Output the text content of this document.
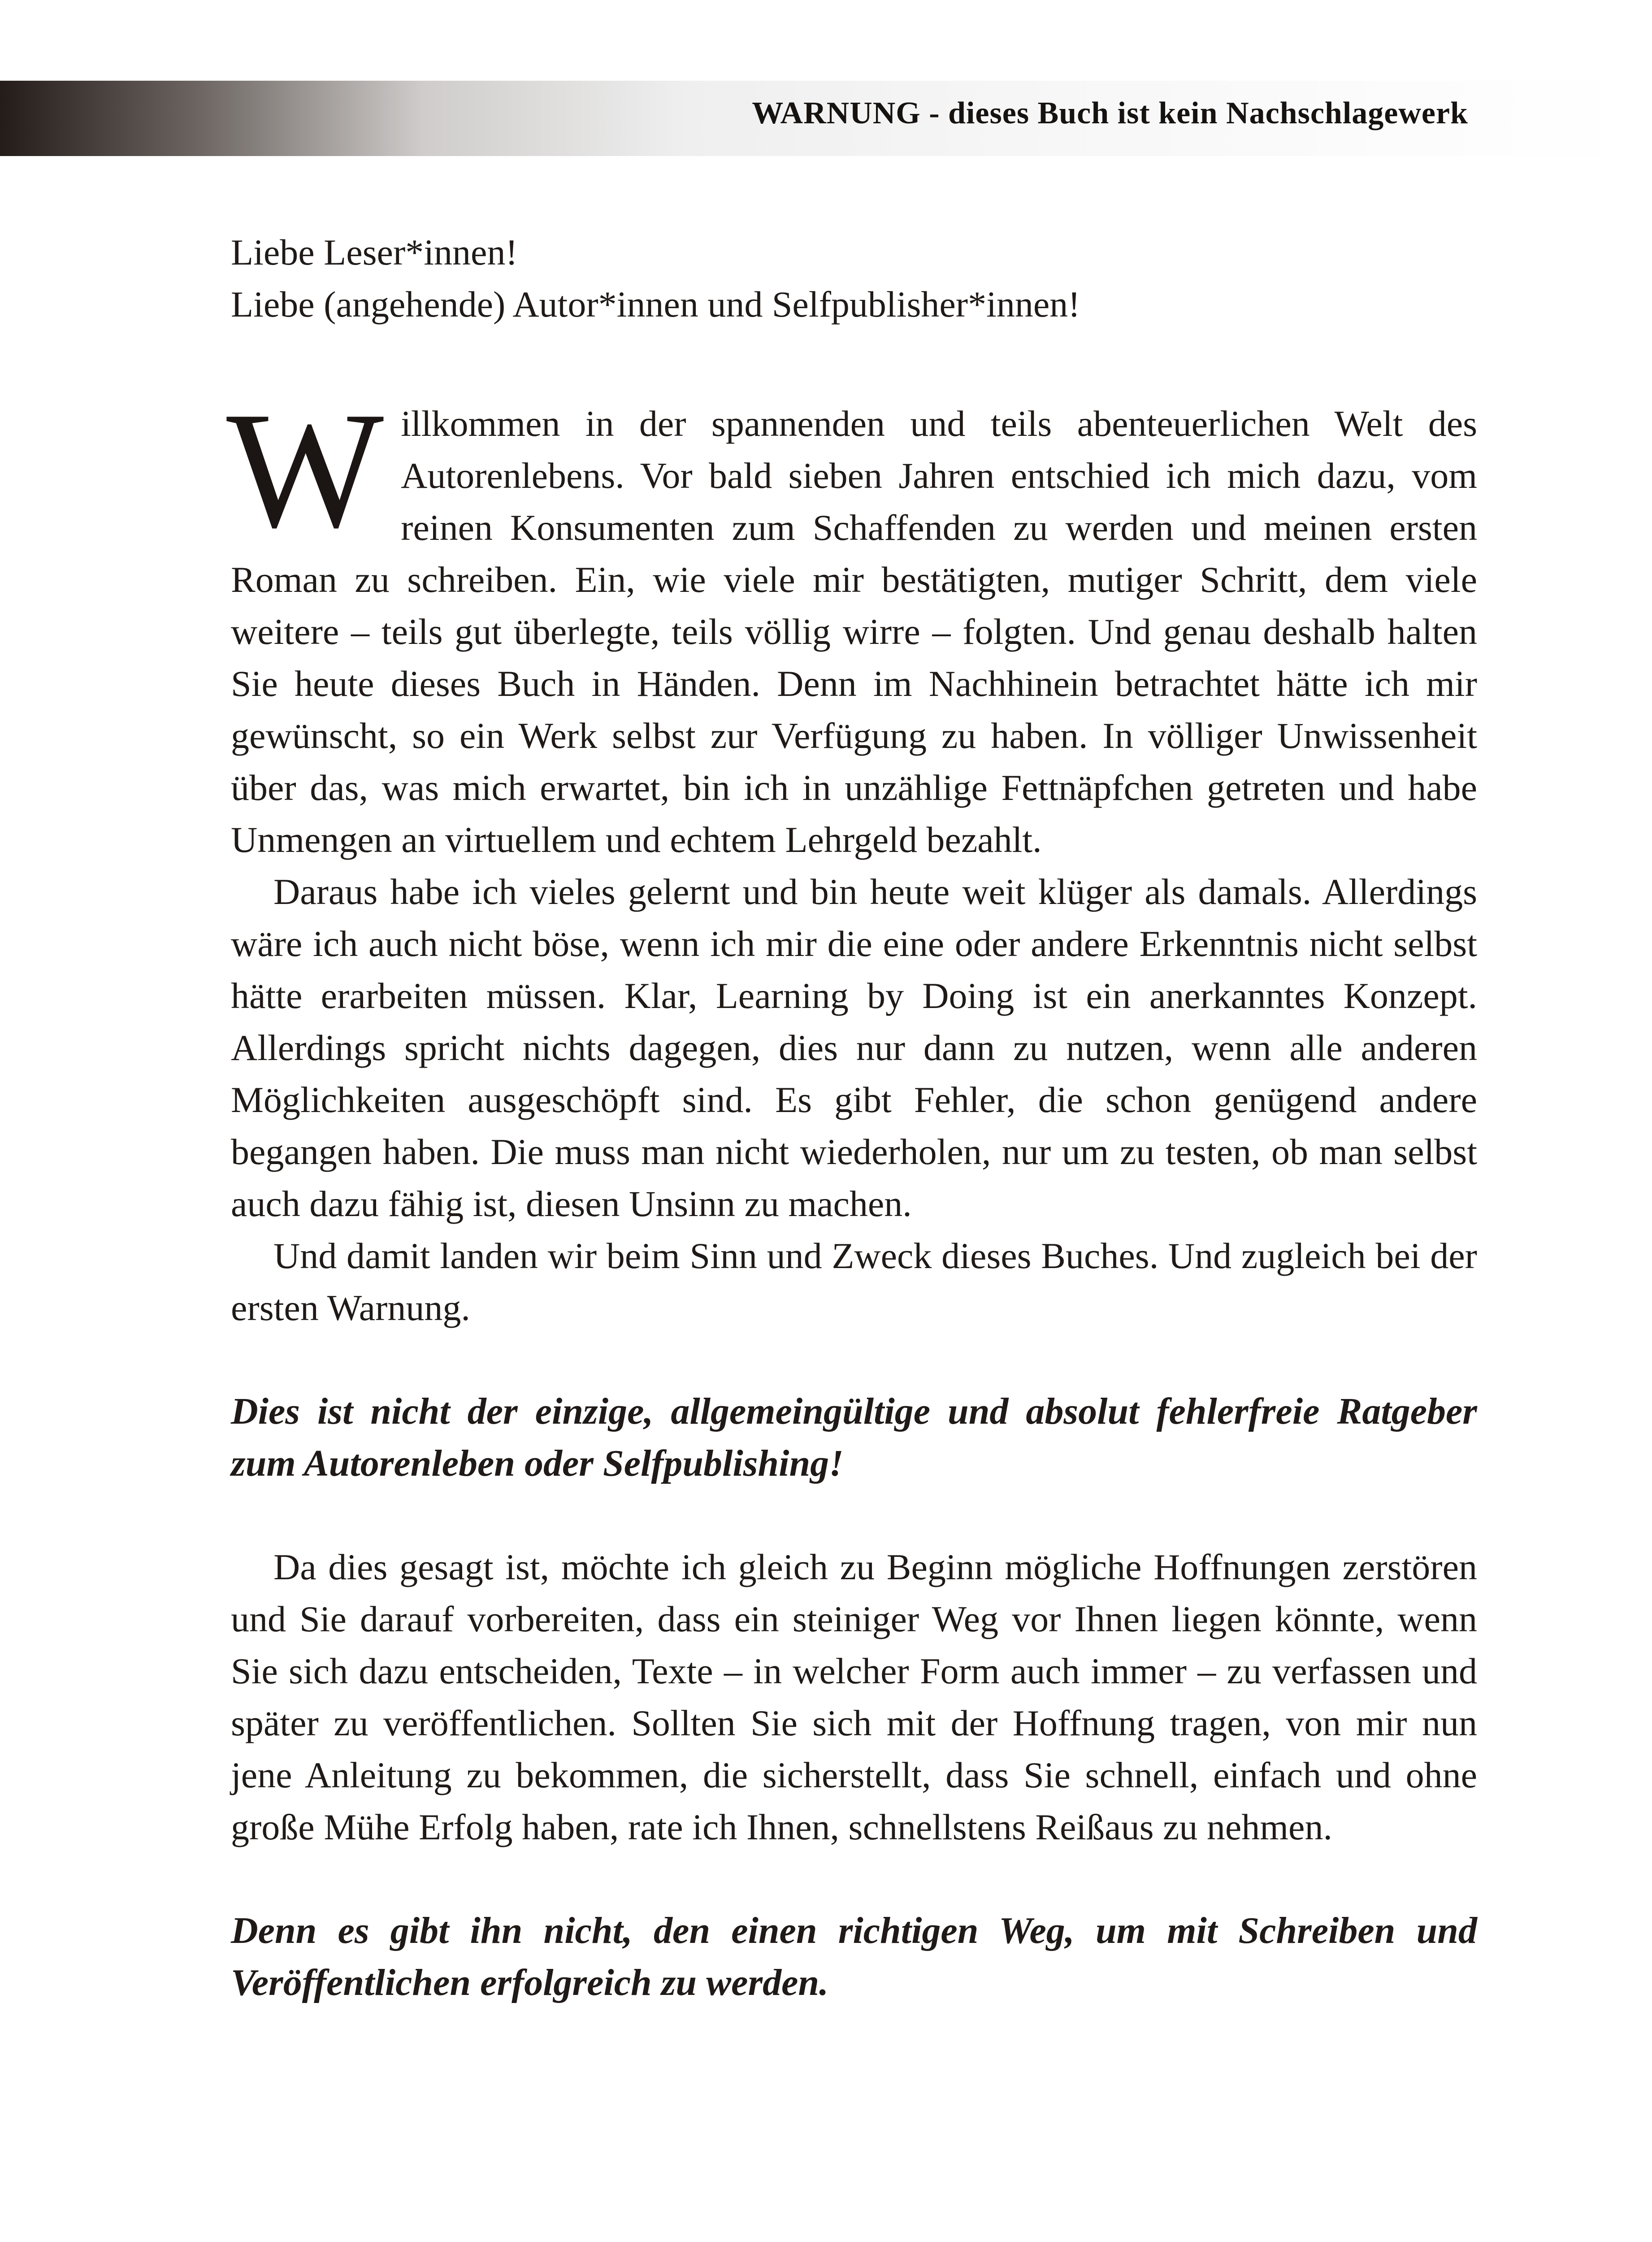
WARNUNG - dieses Buch ist kein Nachschlagewerk

Liebe Leser*innen!

Liebe (angehende) Autor*innen und Selfpublisher*innen!

Willkommen in der spannenden und teils abenteuerlichen Welt des Autorenlebens. Vor bald sieben Jahren entschied ich mich dazu, vom reinen Konsumenten zum Schaffenden zu werden und meinen ersten Roman zu schreiben. Ein, wie viele mir bestätigten, mutiger Schritt, dem viele weitere – teils gut überlegte, teils völlig wirre – folgten. Und genau deshalb halten Sie heute dieses Buch in Händen. Denn im Nachhinein betrachtet hätte ich mir gewünscht, so ein Werk selbst zur Verfügung zu haben. In völliger Unwissenheit über das, was mich erwartet, bin ich in unzählige Fettnäpfchen getreten und habe Unmengen an virtuellem und echtem Lehrgeld bezahlt.

Daraus habe ich vieles gelernt und bin heute weit klüger als damals. Allerdings wäre ich auch nicht böse, wenn ich mir die eine oder andere Erkenntnis nicht selbst hätte erarbeiten müssen. Klar, Learning by Doing ist ein anerkanntes Konzept. Allerdings spricht nichts dagegen, dies nur dann zu nutzen, wenn alle anderen Möglichkeiten ausgeschöpft sind. Es gibt Fehler, die schon genügend andere begangen haben. Die muss man nicht wiederholen, nur um zu testen, ob man selbst auch dazu fähig ist, diesen Unsinn zu machen.

Und damit landen wir beim Sinn und Zweck dieses Buches. Und zugleich bei der ersten Warnung.

Dies ist nicht der einzige, allgemeingültige und absolut fehlerfreie Ratgeber zum Autorenleben oder Selfpublishing!

Da dies gesagt ist, möchte ich gleich zu Beginn mögliche Hoffnungen zerstören und Sie darauf vorbereiten, dass ein steiniger Weg vor Ihnen liegen könnte, wenn Sie sich dazu entscheiden, Texte – in welcher Form auch immer – zu verfassen und später zu veröffentlichen. Sollten Sie sich mit der Hoffnung tragen, von mir nun jene Anleitung zu bekommen, die sicherstellt, dass Sie schnell, einfach und ohne große Mühe Erfolg haben, rate ich Ihnen, schnellstens Reißaus zu nehmen.

Denn es gibt ihn nicht, den einen richtigen Weg, um mit Schreiben und Veröffentlichen erfolgreich zu werden.
